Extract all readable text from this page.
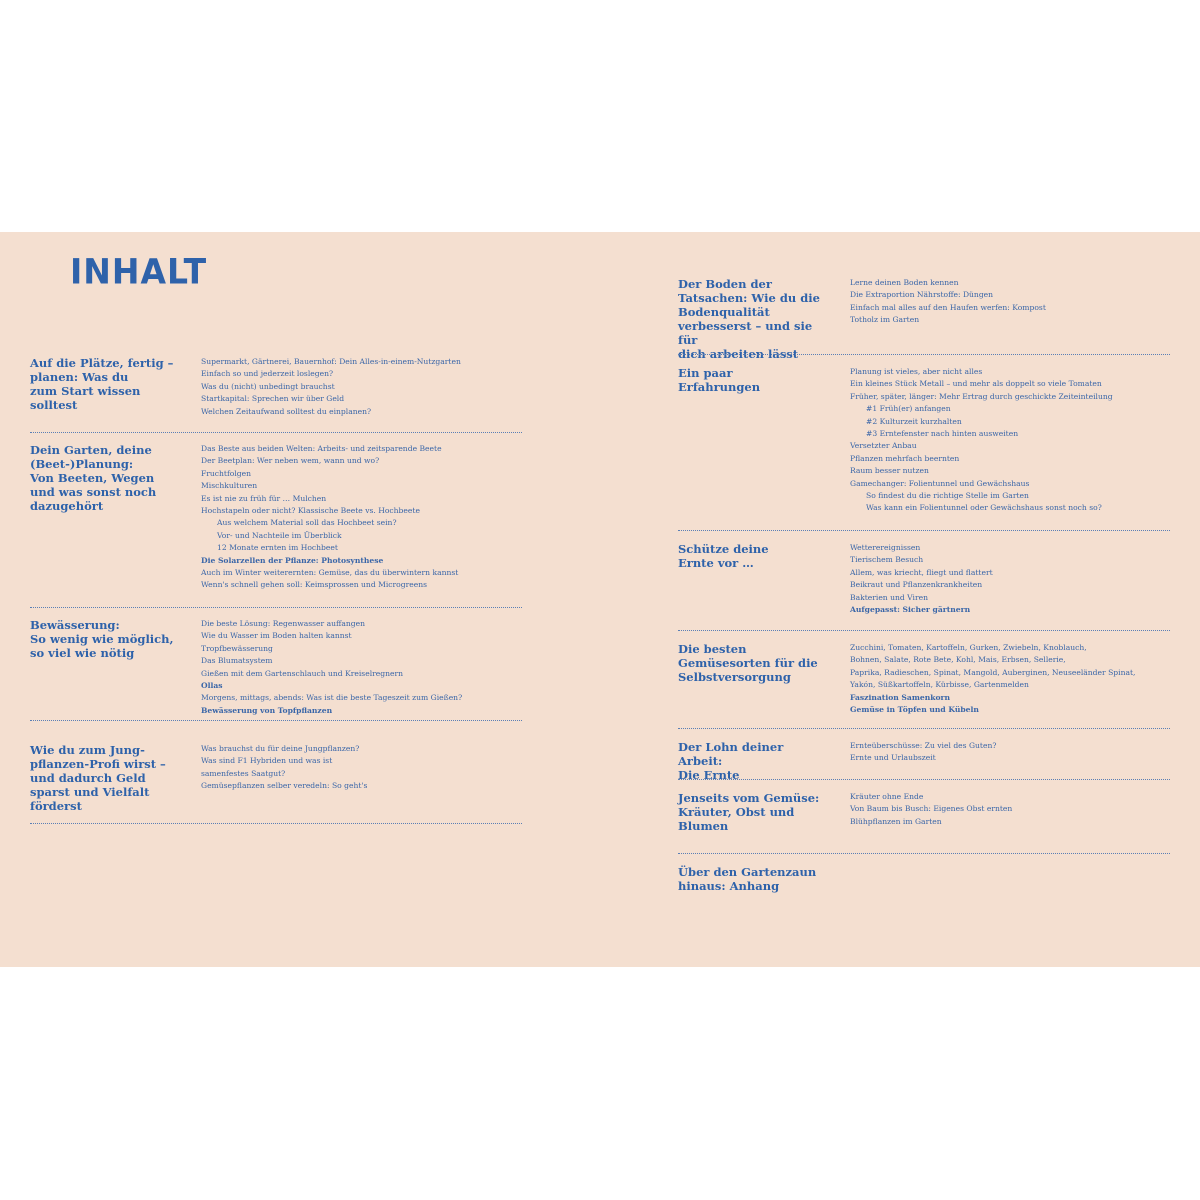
INHALT
Auf die Plätze, fertig –
planen: Was du
zum Start wissen
solltest
Supermarkt, Gärtnerei, Bauernhof: Dein Alles-in-einem-Nutzgarten
Einfach so und jederzeit loslegen?
Was du (nicht) unbedingt brauchst
Startkapital: Sprechen wir über Geld
Welchen Zeitaufwand solltest du einplanen?
Dein Garten, deine
(Beet-)Planung:
Von Beeten, Wegen
und was sonst noch
dazugehört
Das Beste aus beiden Welten: Arbeits- und zeitsparende Beete
Der Beetplan: Wer neben wem, wann und wo?
Fruchtfolgen
Mischkulturen
Es ist nie zu früh für … Mulchen
Hochstapeln oder nicht? Klassische Beete vs. Hochbeete
Aus welchem Material soll das Hochbeet sein?
Vor- und Nachteile im Überblick
12 Monate ernten im Hochbeet
Die Solarzellen der Pflanze: Photosynthese
Auch im Winter weiterernten: Gemüse, das du überwintern kannst
Wenn's schnell gehen soll: Keimsprossen und Microgreens
Bewässerung:
So wenig wie möglich,
so viel wie nötig
Die beste Lösung: Regenwasser auffangen
Wie du Wasser im Boden halten kannst
Tropfbewässerung
Das Blumatsystem
Gießen mit dem Gartenschlauch und Kreiselregnern
Ollas
Morgens, mittags, abends: Was ist die beste Tageszeit zum Gießen?
Bewässerung von Topfpflanzen
Wie du zum Jung-
pflanzen-Profi wirst –
und dadurch Geld
sparst und Vielfalt
förderst
Was brauchst du für deine Jungpflanzen?
Was sind F1 Hybriden und was ist
samenfestes Saatgut?
Gemüsepflanzen selber veredeln: So geht's
Der Boden der
Tatsachen: Wie du die
Bodenqualität
verbesserst – und sie für
dich arbeiten lässt
Lerne deinen Boden kennen
Die Extraportion Nährstoffe: Düngen
Einfach mal alles auf den Haufen werfen: Kompost
Totholz im Garten
Ein paar
Erfahrungen
Planung ist vieles, aber nicht alles
Ein kleines Stück Metall – und mehr als doppelt so viele Tomaten
Früher, später, länger: Mehr Ertrag durch geschickte Zeiteinteilung
#1 Früh(er) anfangen
#2 Kulturzeit kurzhalten
#3 Erntefenster nach hinten ausweiten
Versetzter Anbau
Pflanzen mehrfach beernten
Raum besser nutzen
Gamechanger: Folientunnel und Gewächshaus
So findest du die richtige Stelle im Garten
Was kann ein Folientunnel oder Gewächshaus sonst noch so?
Schütze deine
Ernte vor …
Wetterereignissen
Tierischem Besuch
Allem, was kriecht, fliegt und flattert
Beikraut und Pflanzenkrankheiten
Bakterien und Viren
Aufgepasst: Sicher gärtnern
Die besten
Gemüsesorten für die
Selbstversorgung
Zucchini, Tomaten, Kartoffeln, Gurken, Zwiebeln, Knoblauch,
Bohnen, Salate, Rote Bete, Kohl, Mais, Erbsen, Sellerie,
Paprika, Radieschen, Spinat, Mangold, Auberginen, Neuseeländer Spinat,
Yakón, Süßkartoffeln, Kürbisse, Gartenmelden
Faszination Samenkorn
Gemüse in Töpfen und Kübeln
Der Lohn deiner Arbeit:
Die Ernte
Ernteüberschüsse: Zu viel des Guten?
Ernte und Urlaubszeit
Jenseits vom Gemüse:
Kräuter, Obst und Blumen
Kräuter ohne Ende
Von Baum bis Busch: Eigenes Obst ernten
Blühpflanzen im Garten
Über den Gartenzaun
hinaus: Anhang
